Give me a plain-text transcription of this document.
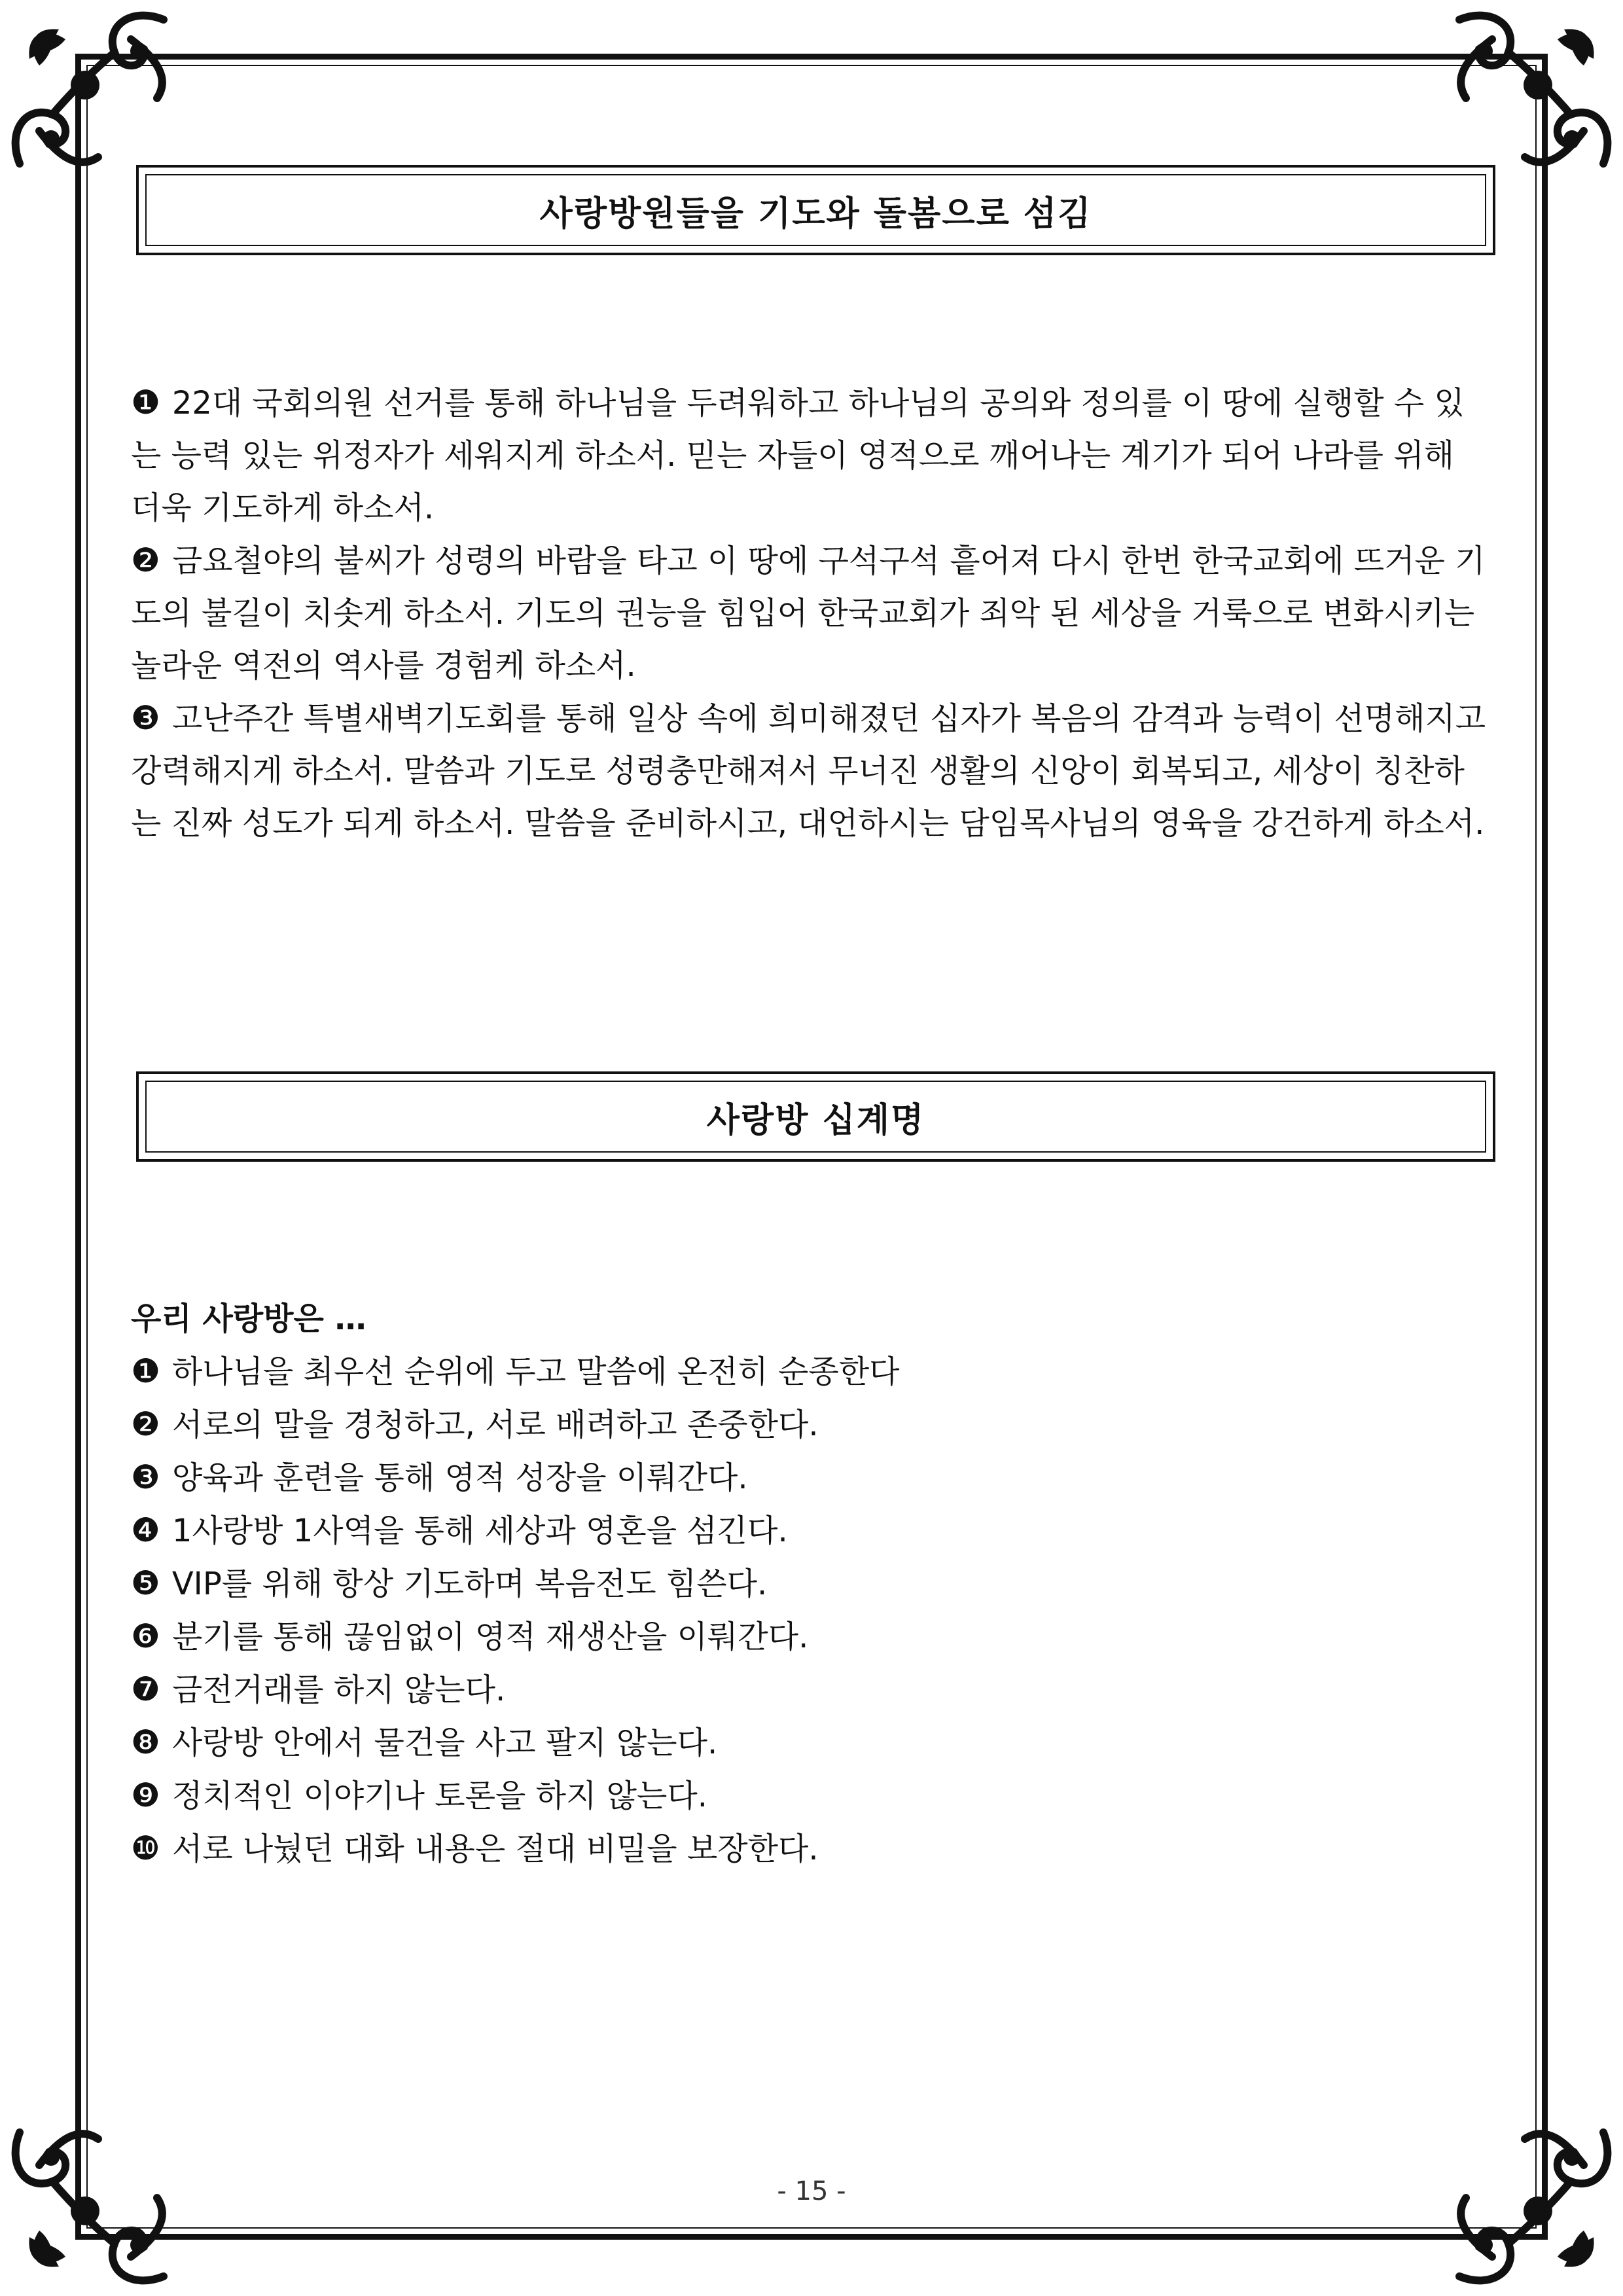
사랑방원들을 기도와 돌봄으로 섬김

❶ 22대 국회의원 선거를 통해 하나님을 두려워하고 하나님의 공의와 정의를 이 땅에 실행할 수 있는 능력 있는 위정자가 세워지게 하소서. 믿는 자들이 영적으로 깨어나는 계기가 되어 나라를 위해 더욱 기도하게 하소서.

❷ 금요철야의 불씨가 성령의 바람을 타고 이 땅에 구석구석 흩어져 다시 한번 한국교회에 뜨거운 기도의 불길이 치솟게 하소서. 기도의 권능을 힘입어 한국교회가 죄악 된 세상을 거룩으로 변화시키는 놀라운 역전의 역사를 경험케 하소서.

❸ 고난주간 특별새벽기도회를 통해 일상 속에 희미해졌던 십자가 복음의 감격과 능력이 선명해지고 강력해지게 하소서. 말씀과 기도로 성령충만해져서 무너진 생활의 신앙이 회복되고, 세상이 칭찬하는 진짜 성도가 되게 하소서. 말씀을 준비하시고, 대언하시는 담임목사님의 영육을 강건하게 하소서.

사랑방 십계명

우리 사랑방은 …

❶ 하나님을 최우선 순위에 두고 말씀에 온전히 순종한다
❷ 서로의 말을 경청하고, 서로 배려하고 존중한다.
❸ 양육과 훈련을 통해 영적 성장을 이뤄간다.
❹ 1사랑방 1사역을 통해 세상과 영혼을 섬긴다.
❺ VIP를 위해 항상 기도하며 복음전도 힘쓴다.
❻ 분기를 통해 끊임없이 영적 재생산을 이뤄간다.
❼ 금전거래를 하지 않는다.
❽ 사랑방 안에서 물건을 사고 팔지 않는다.
❾ 정치적인 이야기나 토론을 하지 않는다.
❿ 서로 나눴던 대화 내용은 절대 비밀을 보장한다.
- 15 -
